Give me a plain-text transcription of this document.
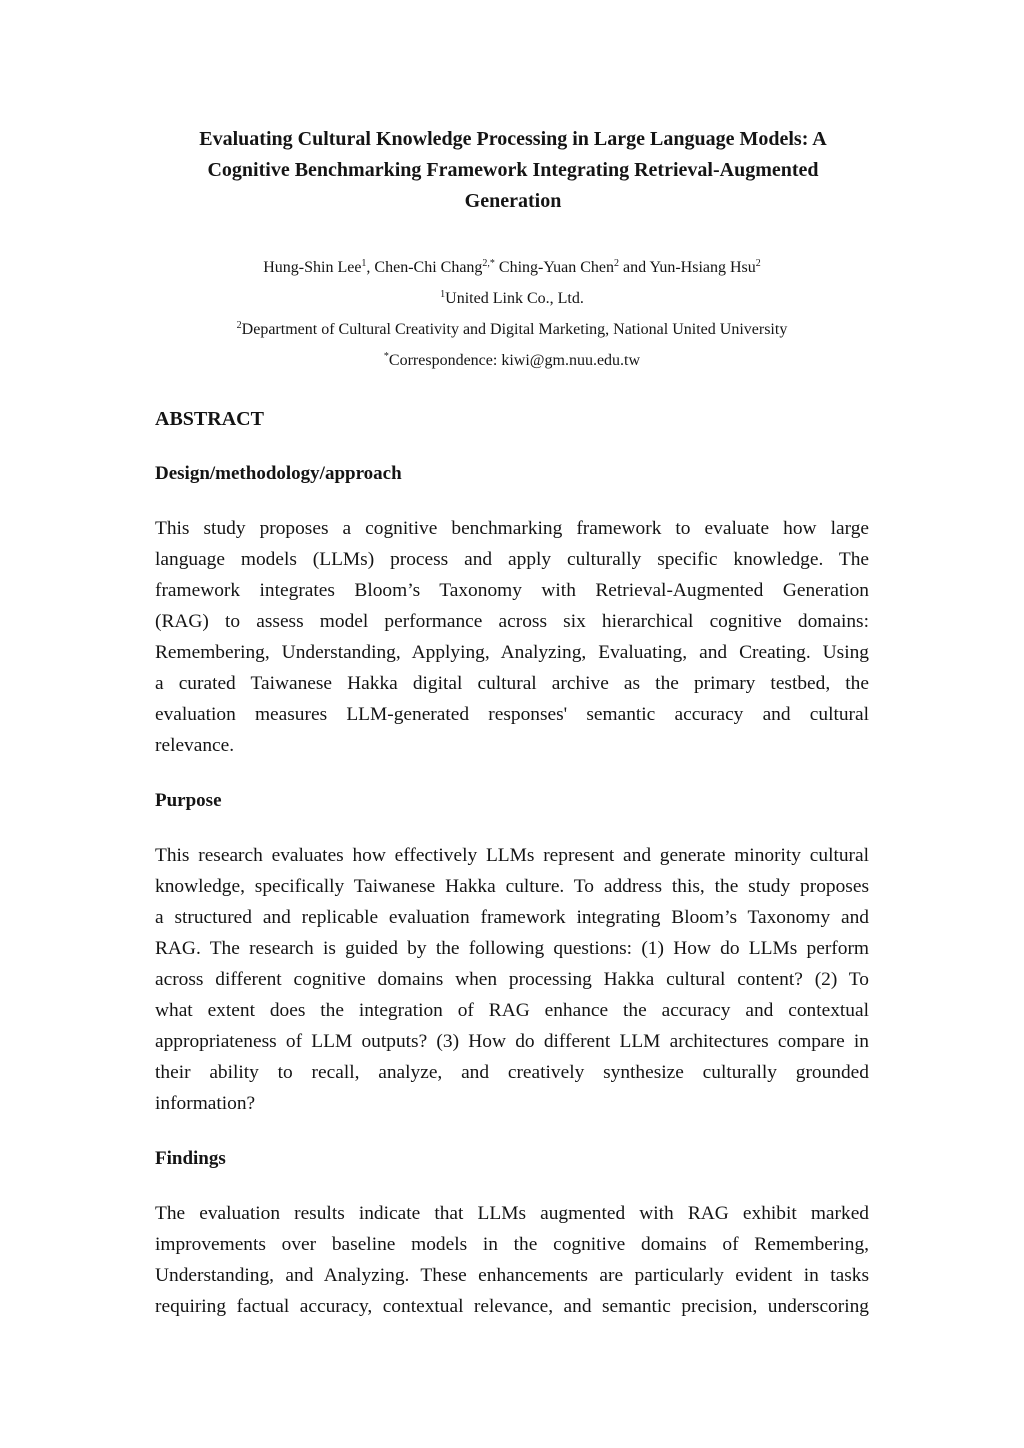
Evaluating Cultural Knowledge Processing in Large Language Models: A
Cognitive Benchmarking Framework Integrating Retrieval-Augmented
Generation
Hung-Shin Lee$^1$, Chen-Chi Chang$^{2,*}$ Ching-Yuan Chen$^2$ and Yun-Hsiang Hsu$^2$
$^1$United Link Co., Ltd.
$^2$Department of Cultural Creativity and Digital Marketing, National United University
*Correspondence: kiwi@gm.nuu.edu.tw
ABSTRACT
Design/methodology/approach
This study proposes a cognitive benchmarking framework to evaluate how large
language models (LLMs) process and apply culturally specific knowledge. The
framework integrates Bloom’s Taxonomy with Retrieval-Augmented Generation
(RAG) to assess model performance across six hierarchical cognitive domains:
Remembering, Understanding, Applying, Analyzing, Evaluating, and Creating. Using
a curated Taiwanese Hakka digital cultural archive as the primary testbed, the
evaluation measures LLM-generated responses' semantic accuracy and cultural
relevance.
Purpose
This research evaluates how effectively LLMs represent and generate minority cultural
knowledge, specifically Taiwanese Hakka culture. To address this, the study proposes
a structured and replicable evaluation framework integrating Bloom’s Taxonomy and
RAG. The research is guided by the following questions: (1) How do LLMs perform
across different cognitive domains when processing Hakka cultural content? (2) To
what extent does the integration of RAG enhance the accuracy and contextual
appropriateness of LLM outputs? (3) How do different LLM architectures compare in
their ability to recall, analyze, and creatively synthesize culturally grounded
information?
Findings
The evaluation results indicate that LLMs augmented with RAG exhibit marked
improvements over baseline models in the cognitive domains of Remembering,
Understanding, and Analyzing. These enhancements are particularly evident in tasks
requiring factual accuracy, contextual relevance, and semantic precision, underscoring
